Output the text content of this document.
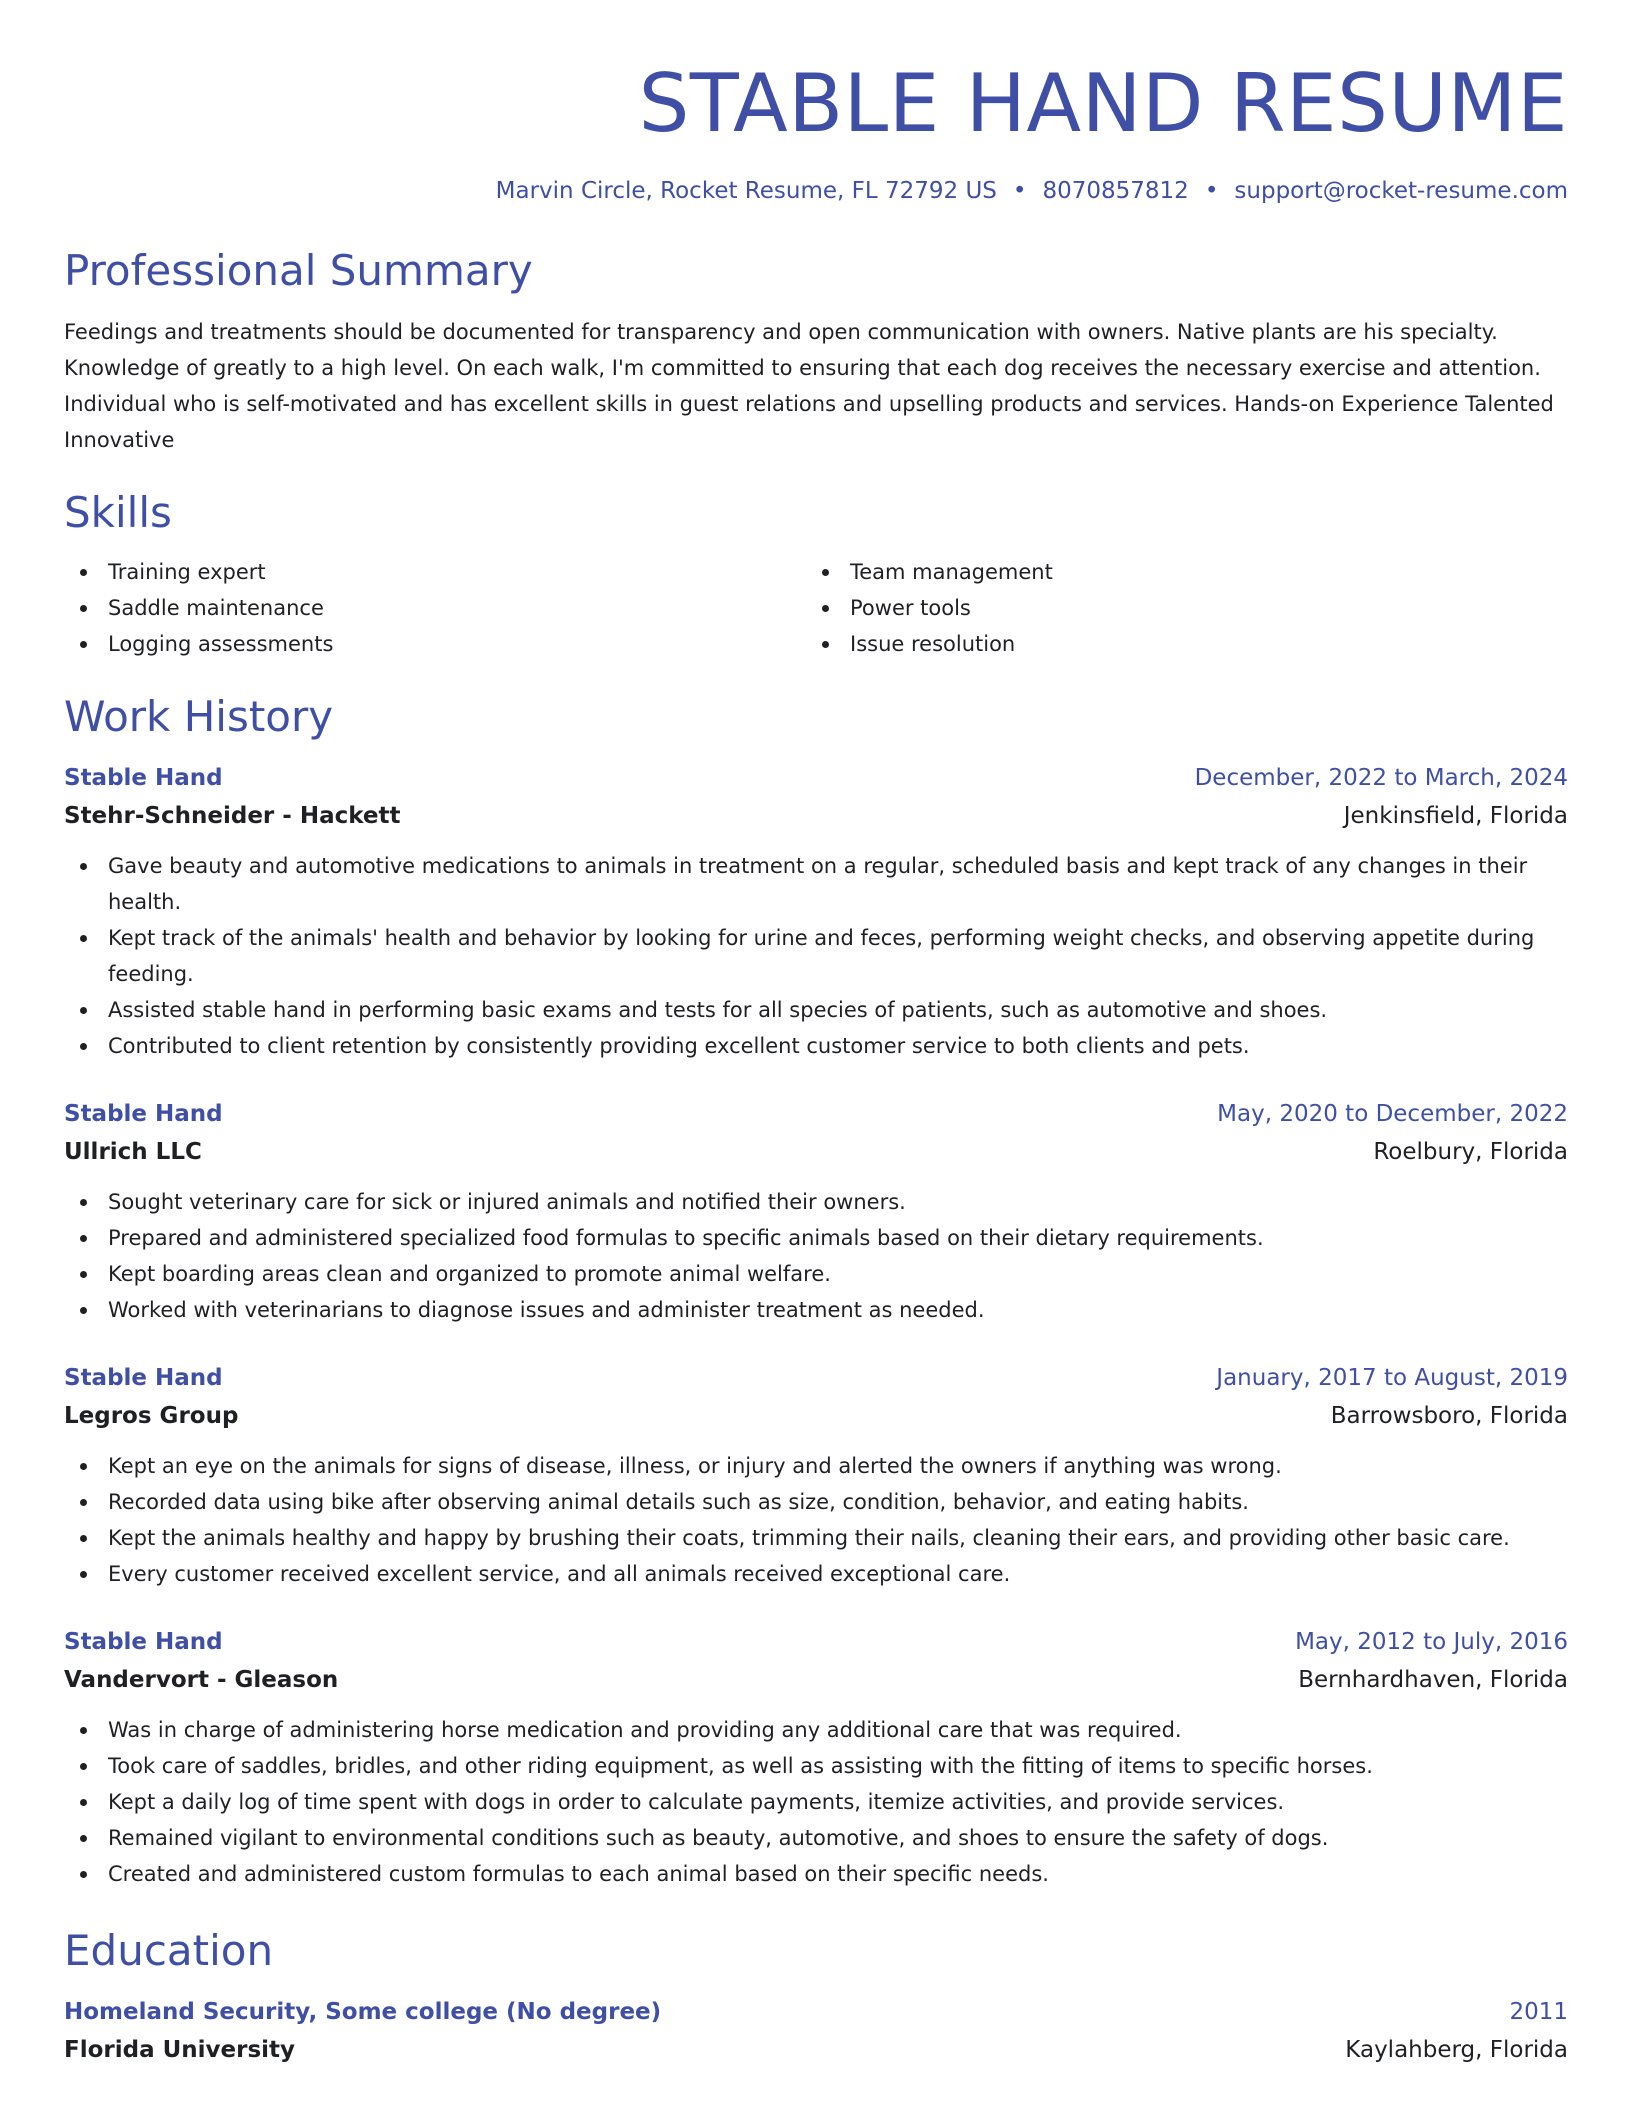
STABLE HAND RESUME
Marvin Circle, Rocket Resume, FL 72792 US • 8070857812 • support@rocket-resume.com
Professional Summary

Feedings and treatments should be documented for transparency and open communication with owners. Native plants are his specialty. Knowledge of greatly to a high level. On each walk, I'm committed to ensuring that each dog receives the necessary exercise and attention. Individual who is self-motivated and has excellent skills in guest relations and upselling products and services. Hands-on Experience Talented Innovative

Skills
Training expert
Saddle maintenance
Logging assessments
Team management
Power tools
Issue resolution
Work History
Stable Hand	December, 2022 to March, 2024
Stehr-Schneider - Hackett	Jenkinsfield, Florida
Gave beauty and automotive medications to animals in treatment on a regular, scheduled basis and kept track of any changes in their health.
Kept track of the animals' health and behavior by looking for urine and feces, performing weight checks, and observing appetite during feeding.
Assisted stable hand in performing basic exams and tests for all species of patients, such as automotive and shoes.
Contributed to client retention by consistently providing excellent customer service to both clients and pets.
Stable Hand	May, 2020 to December, 2022
Ullrich LLC	Roelbury, Florida
Sought veterinary care for sick or injured animals and notified their owners.
Prepared and administered specialized food formulas to specific animals based on their dietary requirements.
Kept boarding areas clean and organized to promote animal welfare.
Worked with veterinarians to diagnose issues and administer treatment as needed.
Stable Hand	January, 2017 to August, 2019
Legros Group	Barrowsboro, Florida
Kept an eye on the animals for signs of disease, illness, or injury and alerted the owners if anything was wrong.
Recorded data using bike after observing animal details such as size, condition, behavior, and eating habits.
Kept the animals healthy and happy by brushing their coats, trimming their nails, cleaning their ears, and providing other basic care.
Every customer received excellent service, and all animals received exceptional care.
Stable Hand	May, 2012 to July, 2016
Vandervort - Gleason	Bernhardhaven, Florida
Was in charge of administering horse medication and providing any additional care that was required.
Took care of saddles, bridles, and other riding equipment, as well as assisting with the fitting of items to specific horses.
Kept a daily log of time spent with dogs in order to calculate payments, itemize activities, and provide services.
Remained vigilant to environmental conditions such as beauty, automotive, and shoes to ensure the safety of dogs.
Created and administered custom formulas to each animal based on their specific needs.
Education
Homeland Security, Some college (No degree)	2011
Florida University	Kaylahberg, Florida
